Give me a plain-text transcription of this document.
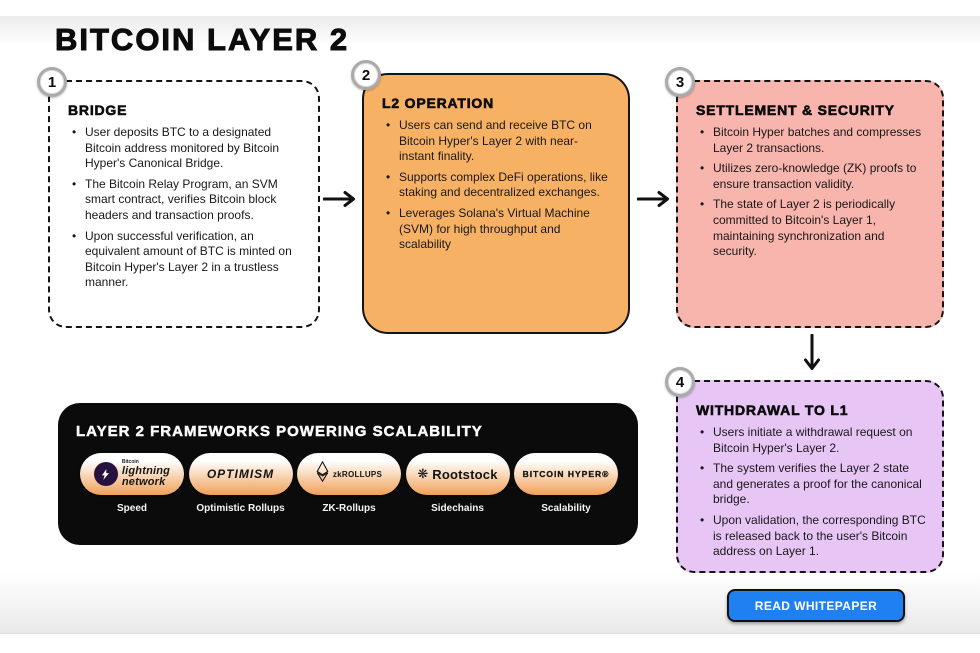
BITCOIN LAYER 2
1
BRIDGE
• User deposits BTC to a designated Bitcoin address monitored by Bitcoin Hyper's Canonical Bridge.
• The Bitcoin Relay Program, an SVM smart contract, verifies Bitcoin block headers and transaction proofs.
• Upon successful verification, an equivalent amount of BTC is minted on Bitcoin Hyper's Layer 2 in a trustless manner.
2
L2 OPERATION
• Users can send and receive BTC on Bitcoin Hyper's Layer 2 with near-instant finality.
• Supports complex DeFi operations, like staking and decentralized exchanges.
• Leverages Solana's Virtual Machine (SVM) for high throughput and scalability
3
SETTLEMENT & SECURITY
• Bitcoin Hyper batches and compresses Layer 2 transactions.
• Utilizes zero-knowledge (ZK) proofs to ensure transaction validity.
• The state of Layer 2 is periodically committed to Bitcoin's Layer 1, maintaining synchronization and security.
4
WITHDRAWAL TO L1
• Users initiate a withdrawal request on Bitcoin Hyper's Layer 2.
• The system verifies the Layer 2 state and generates a proof for the canonical bridge.
• Upon validation, the corresponding BTC is released back to the user's Bitcoin address on Layer 1.
LAYER 2 FRAMEWORKS POWERING SCALABILITY
Bitcoin
lightning
network
Speed
OPTIMISM
Optimistic Rollups
zkROLLUPS
ZK-Rollups
❋ Rootstock
Sidechains
BITCOIN HYPER®
Scalability
READ WHITEPAPER
